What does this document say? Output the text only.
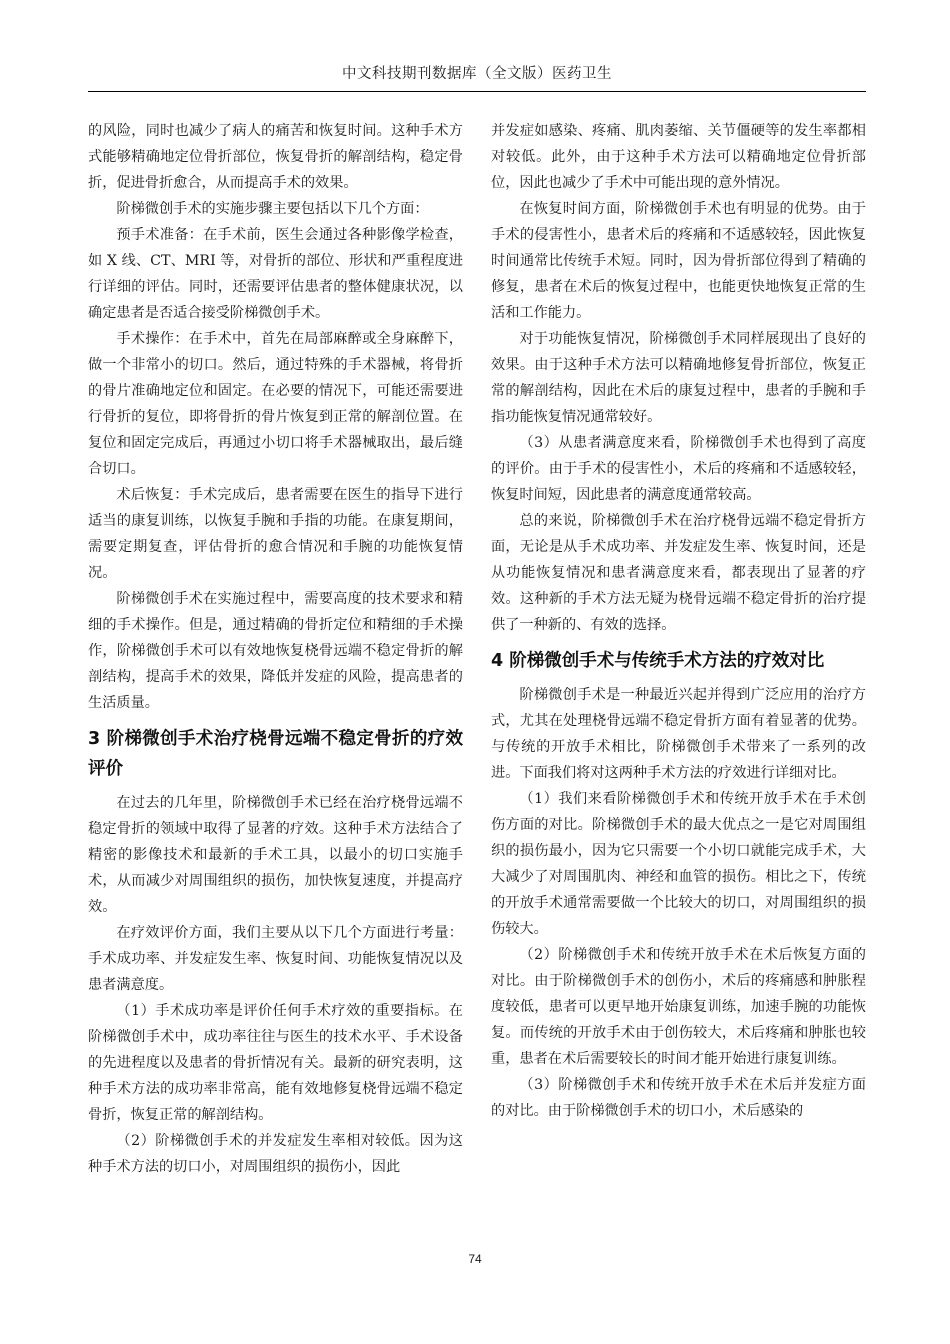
中文科技期刊数据库（全文版）医药卫生

的风险，同时也减少了病人的痛苦和恢复时间。这种手术方式能够精确地定位骨折部位，恢复骨折的解剖结构，稳定骨折，促进骨折愈合，从而提高手术的效果。

阶梯微创手术的实施步骤主要包括以下几个方面：

预手术准备：在手术前，医生会通过各种影像学检查，如 X 线、CT、MRI 等，对骨折的部位、形状和严重程度进行详细的评估。同时，还需要评估患者的整体健康状况，以确定患者是否适合接受阶梯微创手术。

手术操作：在手术中，首先在局部麻醉或全身麻醉下，做一个非常小的切口。然后，通过特殊的手术器械，将骨折的骨片准确地定位和固定。在必要的情况下，可能还需要进行骨折的复位，即将骨折的骨片恢复到正常的解剖位置。在复位和固定完成后，再通过小切口将手术器械取出，最后缝合切口。

术后恢复：手术完成后，患者需要在医生的指导下进行适当的康复训练，以恢复手腕和手指的功能。在康复期间，需要定期复查，评估骨折的愈合情况和手腕的功能恢复情况。

阶梯微创手术在实施过程中，需要高度的技术要求和精细的手术操作。但是，通过精确的骨折定位和精细的手术操作，阶梯微创手术可以有效地恢复桡骨远端不稳定骨折的解剖结构，提高手术的效果，降低并发症的风险，提高患者的生活质量。

3 阶梯微创手术治疗桡骨远端不稳定骨折的疗效评价

在过去的几年里，阶梯微创手术已经在治疗桡骨远端不稳定骨折的领域中取得了显著的疗效。这种手术方法结合了精密的影像技术和最新的手术工具，以最小的切口实施手术，从而减少对周围组织的损伤，加快恢复速度，并提高疗效。

在疗效评价方面，我们主要从以下几个方面进行考量：手术成功率、并发症发生率、恢复时间、功能恢复情况以及患者满意度。

（1）手术成功率是评价任何手术疗效的重要指标。在阶梯微创手术中，成功率往往与医生的技术水平、手术设备的先进程度以及患者的骨折情况有关。最新的研究表明，这种手术方法的成功率非常高，能有效地修复桡骨远端不稳定骨折，恢复正常的解剖结构。

（2）阶梯微创手术的并发症发生率相对较低。因为这种手术方法的切口小，对周围组织的损伤小，因此

并发症如感染、疼痛、肌肉萎缩、关节僵硬等的发生率都相对较低。此外，由于这种手术方法可以精确地定位骨折部位，因此也减少了手术中可能出现的意外情况。

在恢复时间方面，阶梯微创手术也有明显的优势。由于手术的侵害性小，患者术后的疼痛和不适感较轻，因此恢复时间通常比传统手术短。同时，因为骨折部位得到了精确的修复，患者在术后的恢复过程中，也能更快地恢复正常的生活和工作能力。

对于功能恢复情况，阶梯微创手术同样展现出了良好的效果。由于这种手术方法可以精确地修复骨折部位，恢复正常的解剖结构，因此在术后的康复过程中，患者的手腕和手指功能恢复情况通常较好。

（3）从患者满意度来看，阶梯微创手术也得到了高度的评价。由于手术的侵害性小，术后的疼痛和不适感较轻，恢复时间短，因此患者的满意度通常较高。

总的来说，阶梯微创手术在治疗桡骨远端不稳定骨折方面，无论是从手术成功率、并发症发生率、恢复时间，还是从功能恢复情况和患者满意度来看，都表现出了显著的疗效。这种新的手术方法无疑为桡骨远端不稳定骨折的治疗提供了一种新的、有效的选择。

4 阶梯微创手术与传统手术方法的疗效对比

阶梯微创手术是一种最近兴起并得到广泛应用的治疗方式，尤其在处理桡骨远端不稳定骨折方面有着显著的优势。与传统的开放手术相比，阶梯微创手术带来了一系列的改进。下面我们将对这两种手术方法的疗效进行详细对比。

（1）我们来看阶梯微创手术和传统开放手术在手术创伤方面的对比。阶梯微创手术的最大优点之一是它对周围组织的损伤最小，因为它只需要一个小切口就能完成手术，大大减少了对周围肌肉、神经和血管的损伤。相比之下，传统的开放手术通常需要做一个比较大的切口，对周围组织的损伤较大。

（2）阶梯微创手术和传统开放手术在术后恢复方面的对比。由于阶梯微创手术的创伤小，术后的疼痛感和肿胀程度较低，患者可以更早地开始康复训练，加速手腕的功能恢复。而传统的开放手术由于创伤较大，术后疼痛和肿胀也较重，患者在术后需要较长的时间才能开始进行康复训练。

（3）阶梯微创手术和传统开放手术在术后并发症方面的对比。由于阶梯微创手术的切口小，术后感染的

74
